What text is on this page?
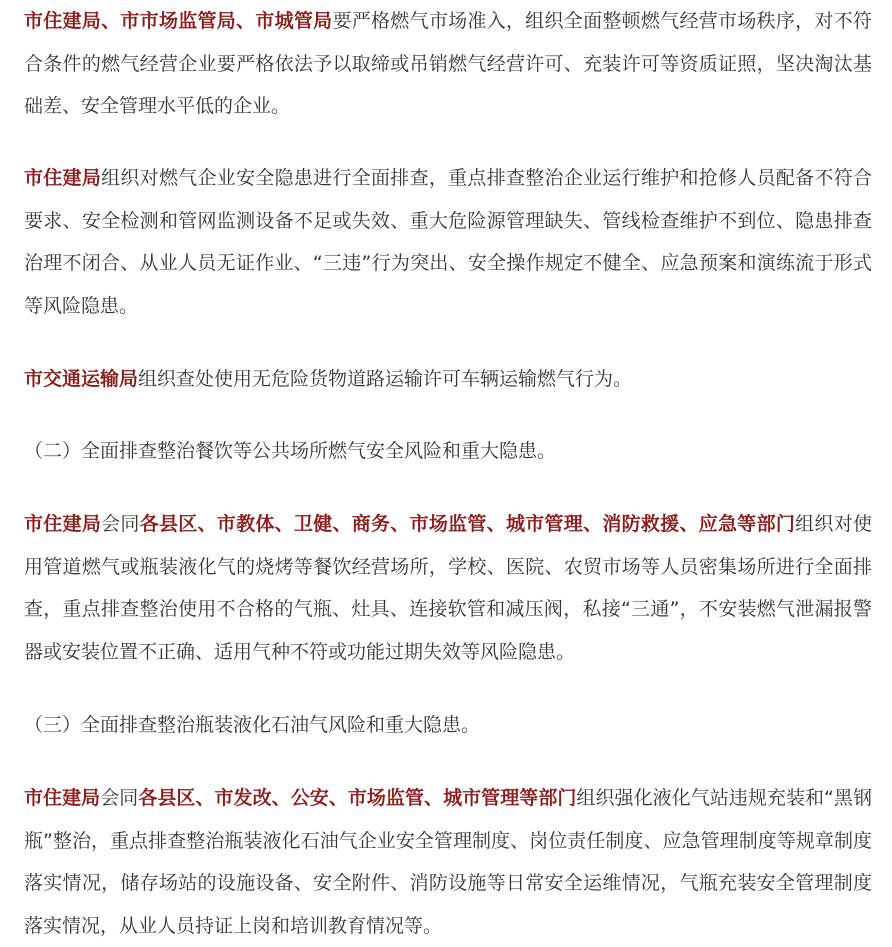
市住建局、市市场监管局、市城管局要严格燃气市场准入，组织全面整顿燃气经营市场秩序，对不符合条件的燃气经营企业要严格依法予以取缔或吊销燃气经营许可、充装许可等资质证照，坚决淘汰基础差、安全管理水平低的企业。

市住建局组织对燃气企业安全隐患进行全面排查，重点排查整治企业运行维护和抢修人员配备不符合要求、安全检测和管网监测设备不足或失效、重大危险源管理缺失、管线检查维护不到位、隐患排查治理不闭合、从业人员无证作业、“三违”行为突出、安全操作规定不健全、应急预案和演练流于形式等风险隐患。

市交通运输局组织查处使用无危险货物道路运输许可车辆运输燃气行为。

（二）全面排查整治餐饮等公共场所燃气安全风险和重大隐患。

市住建局会同各县区、市教体、卫健、商务、市场监管、城市管理、消防救援、应急等部门组织对使用管道燃气或瓶装液化气的烧烤等餐饮经营场所，学校、医院、农贸市场等人员密集场所进行全面排查，重点排查整治使用不合格的气瓶、灶具、连接软管和减压阀，私接“三通”，不安装燃气泄漏报警器或安装位置不正确、适用气种不符或功能过期失效等风险隐患。

（三）全面排查整治瓶装液化石油气风险和重大隐患。

市住建局会同各县区、市发改、公安、市场监管、城市管理等部门组织强化液化气站违规充装和“黑钢瓶”整治，重点排查整治瓶装液化石油气企业安全管理制度、岗位责任制度、应急管理制度等规章制度落实情况，储存场站的设施设备、安全附件、消防设施等日常安全运维情况，气瓶充装安全管理制度落实情况，从业人员持证上岗和培训教育情况等。
